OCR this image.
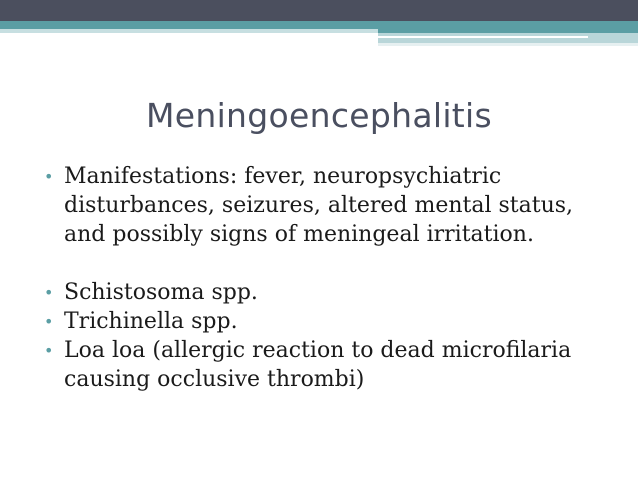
Meningoencephalitis
• Manifestations: fever, neuropsychiatric disturbances, seizures, altered mental status, and possibly signs of meningeal irritation.
• Schistosoma spp.
• Trichinella spp.
• Loa loa (allergic reaction to dead microfilaria causing occlusive thrombi)
